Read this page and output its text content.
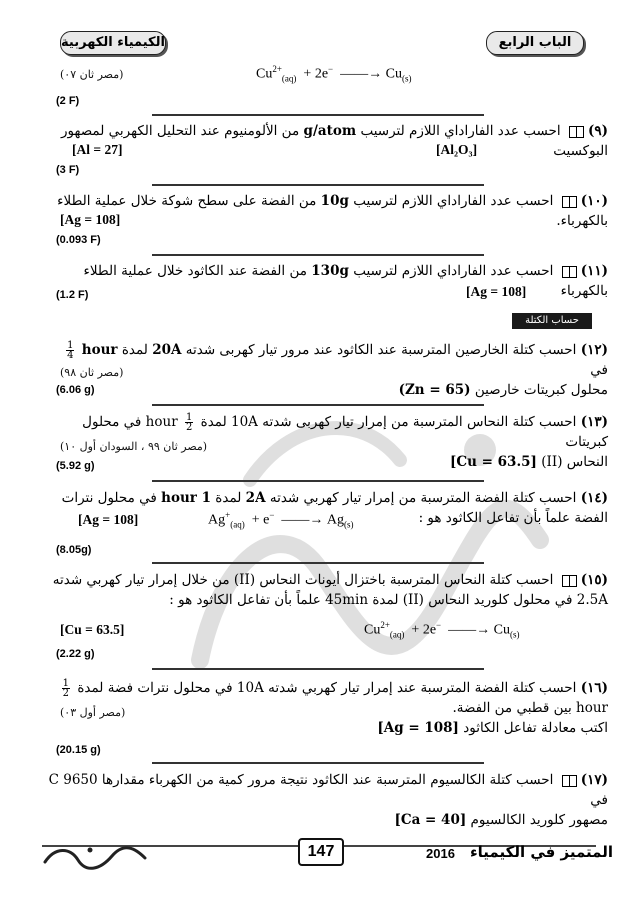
الكيمياء الكهربية	الباب الرابع
$Cu^{2+}_{(aq)} + 2e^-$  ——→ $Cu_{(s)}$
(مصر ثان ٠٧)
(2 F)
(٩) احسب عدد الفاراداي اللازم لترسيب g/atom من الألومنيوم عند التحليل الكهربي لمصهور
البوكسيت
[Al₂O₃]
[Al = 27]
(3 F)
(١٠) احسب عدد الفاراداي اللازم لترسيب 10g من الفضة على سطح شوكة خلال عملية الطلاء
بالكهرباء.
[Ag = 108]
(0.093 F)
(١١) احسب عدد الفاراداي اللازم لترسيب 130g من الفضة عند الكاثود خلال عملية الطلاء بالكهرباء
[Ag = 108]
(1.2 F)
حساب الكتلة
(١٢) احسب كتلة الخارصين المترسبة عند الكاثود عند مرور تيار كهربى شدته 20A لمدة hour
$\frac{1}{4}$
في
محلول كبريتات خارصين (Zn = 65)
(مصر ثان ٩٨)
(6.06 g)
(١٣) احسب كتلة النحاس المترسبة من إمرار تيار كهربى شدته 10A لمدة
$\frac{1}{2}$
hour في محلول كبريتات
النحاس (II) [Cu = 63.5]
(مصر ثان ٩٩ ، السودان أول ١٠)
(5.92 g)
(١٤) احسب كتلة الفضة المترسبة من إمرار تيار كهربي شدته 2A لمدة 1 hour في محلول نترات
الفضة علماً بأن تفاعل الكاثود هو :
$Ag^+_{(aq)} + e^-$  ——→ $Ag_{(s)}$
[Ag = 108]
(8.05g)
(١٥) احسب كتلة النحاس المترسبة باختزال أيونات النحاس (II) من خلال إمرار تيار كهربي شدته
2.5A في محلول كلوريد النحاس (II) لمدة 45min علماً بأن تفاعل الكاثود هو :
$Cu^{2+}_{(aq)} + 2e^-$  ——→ $Cu_{(s)}$
[Cu = 63.5]
(2.22 g)
(١٦) احسب كتلة الفضة المترسبة عند إمرار تيار كهربي شدته 10A في محلول نترات فضة لمدة
$\frac{1}{2}$

hour بين قطبي من الفضة.
اكتب معادلة تفاعل الكاثود [Ag = 108]
(مصر أول ٠٣)
(20.15 g)
(١٧) احسب كتلة الكالسيوم المترسبة عند الكاثود نتيجة مرور كمية من الكهرباء مقدارها 9650 C في
مصهور كلوريد الكالسيوم [Ca = 40]
147	2016 المتميز في الكيمياء
